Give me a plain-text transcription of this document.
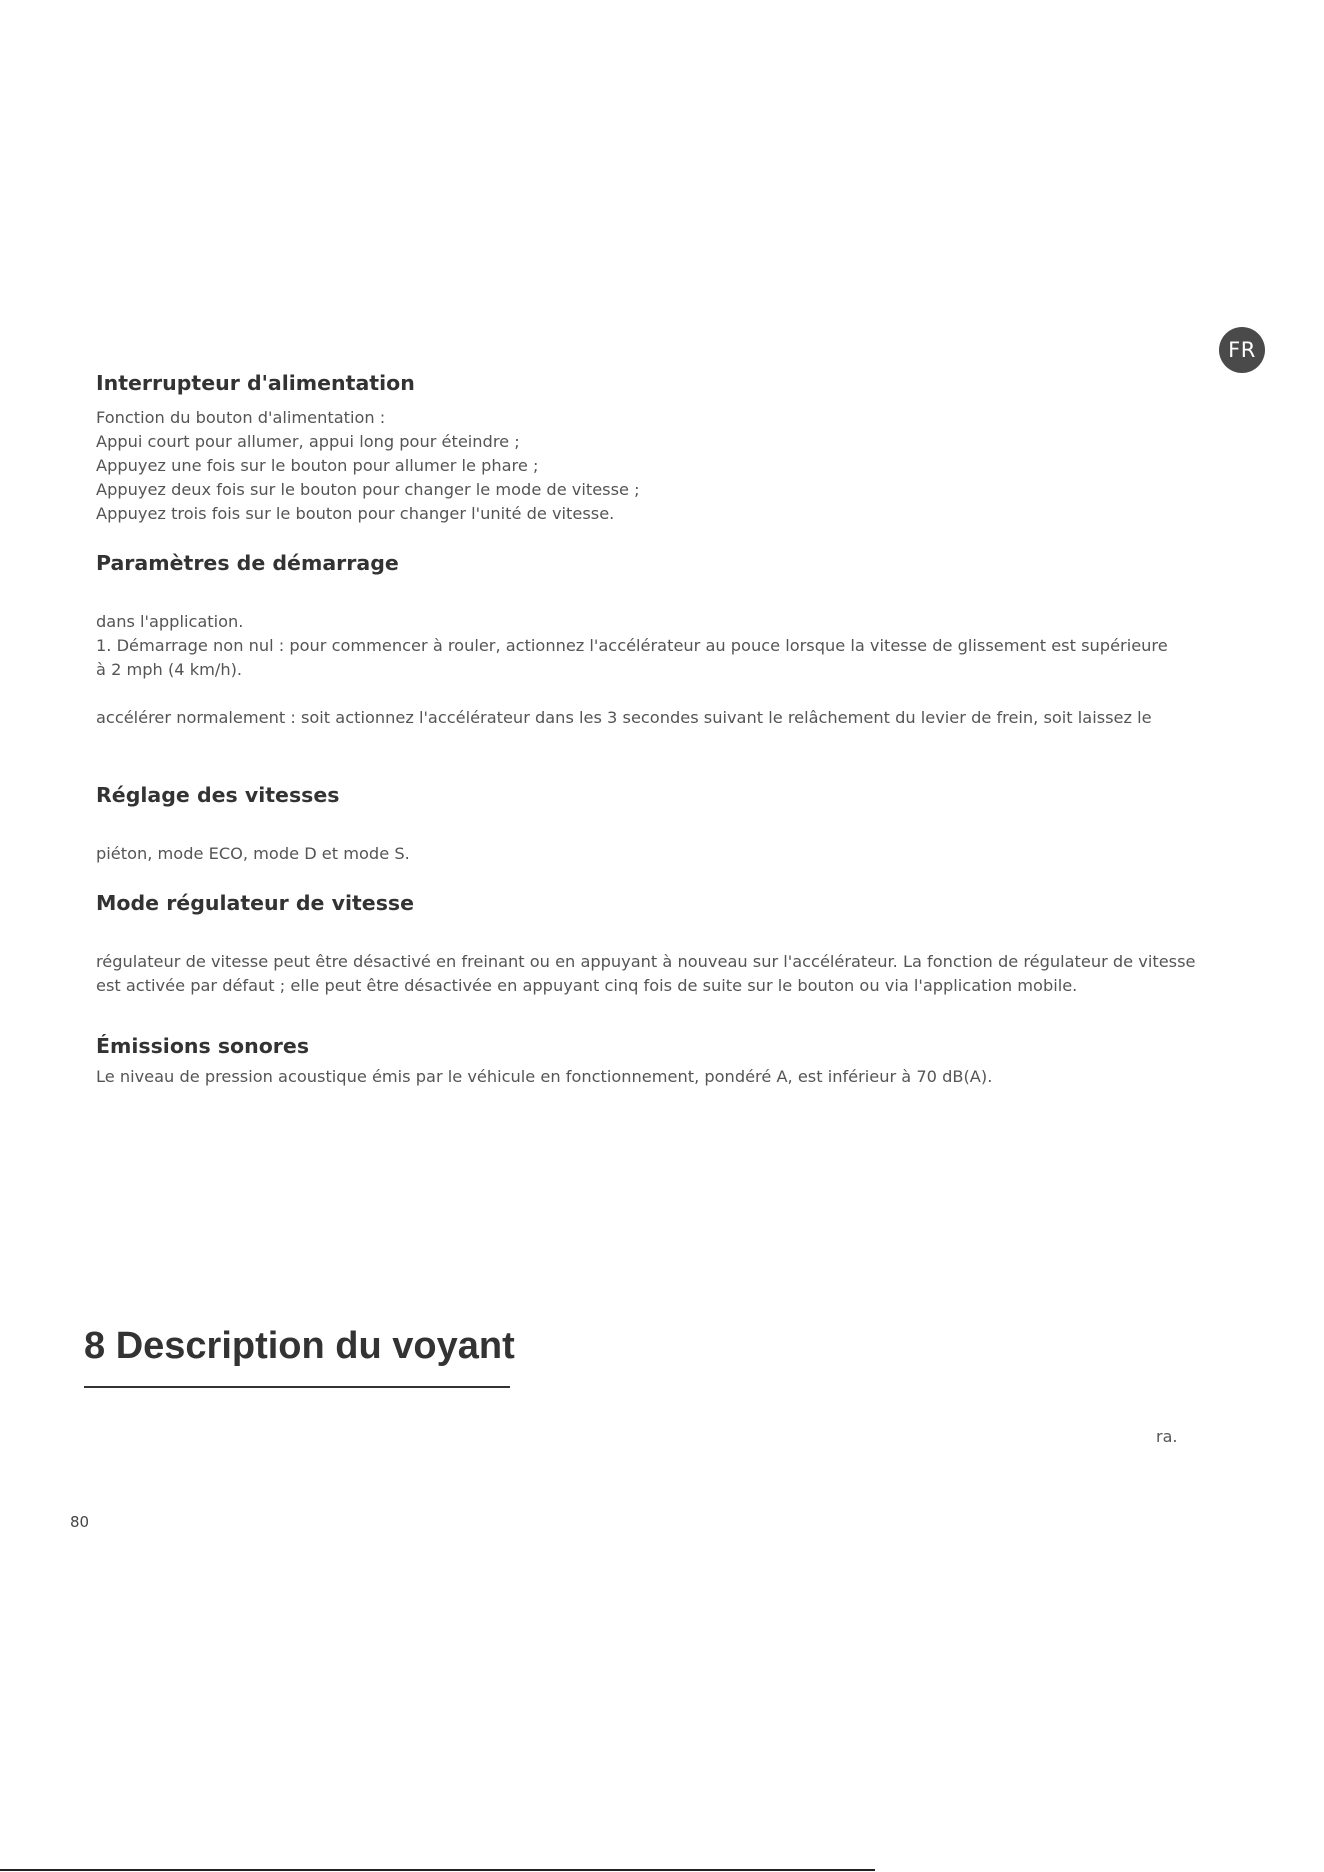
FR
Interrupteur d'alimentation

Fonction du bouton d'alimentation :

Appui court pour allumer, appui long pour éteindre ;

Appuyez une fois sur le bouton pour allumer le phare ;

Appuyez deux fois sur le bouton pour changer le mode de vitesse ;

Appuyez trois fois sur le bouton pour changer l'unité de vitesse.

Paramètres de démarrage

dans l'application.

1. Démarrage non nul : pour commencer à rouler, actionnez l'accélérateur au pouce lorsque la vitesse de glissement est supérieure

à 2 mph (4 km/h).

accélérer normalement : soit actionnez l'accélérateur dans les 3 secondes suivant le relâchement du levier de frein, soit laissez le

Réglage des vitesses

piéton, mode ECO, mode D et mode S.

Mode régulateur de vitesse

régulateur de vitesse peut être désactivé en freinant ou en appuyant à nouveau sur l'accélérateur. La fonction de régulateur de vitesse

est activée par défaut ; elle peut être désactivée en appuyant cinq fois de suite sur le bouton ou via l'application mobile.

Émissions sonores

Le niveau de pression acoustique émis par le véhicule en fonctionnement, pondéré A, est inférieur à 70 dB(A).

8 Description du voyant
ra.
80
